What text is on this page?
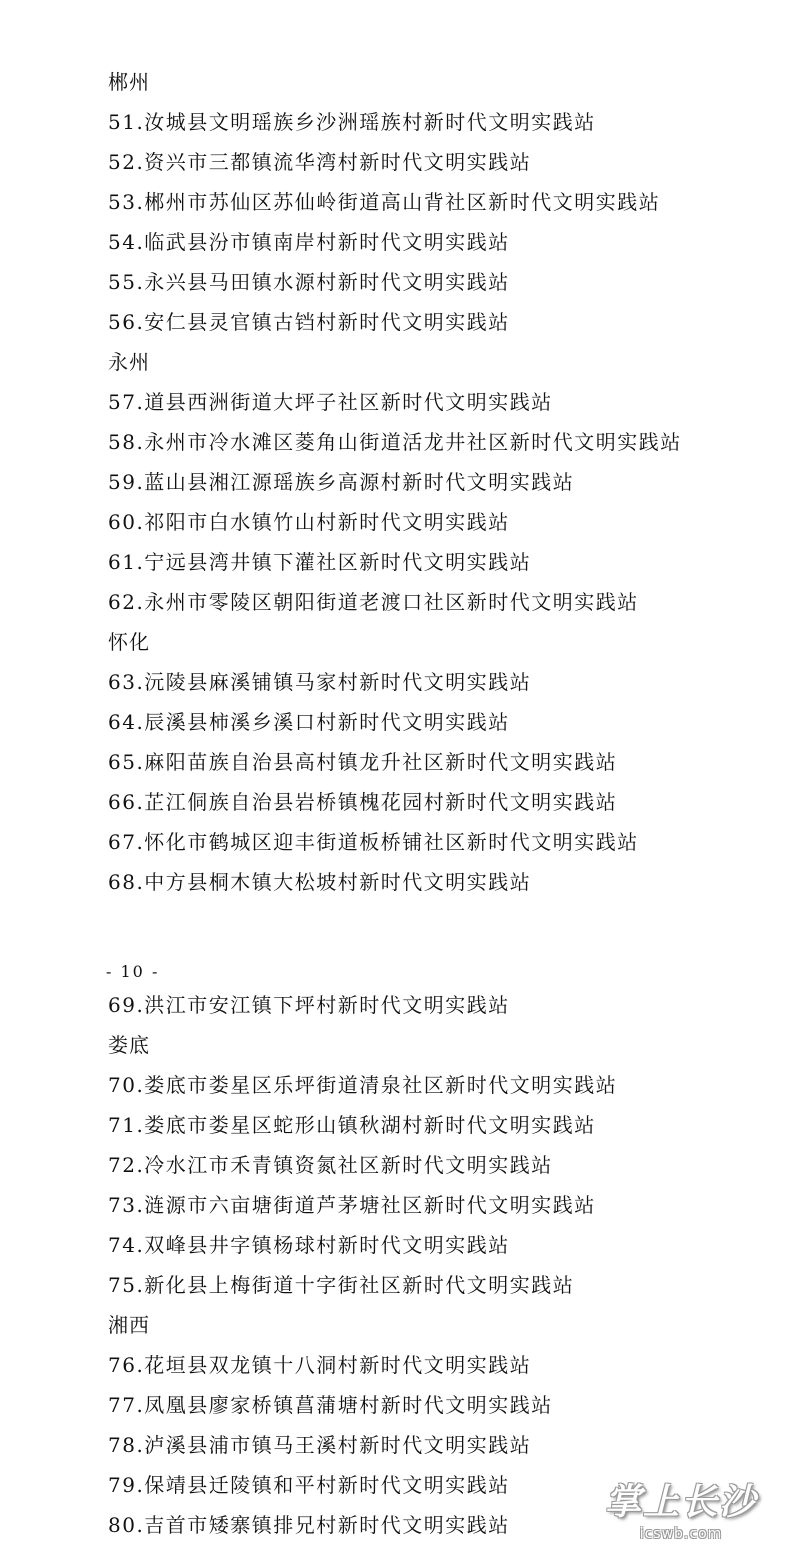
郴州
51.汝城县文明瑶族乡沙洲瑶族村新时代文明实践站
52.资兴市三都镇流华湾村新时代文明实践站
53.郴州市苏仙区苏仙岭街道高山背社区新时代文明实践站
54.临武县汾市镇南岸村新时代文明实践站
55.永兴县马田镇水源村新时代文明实践站
56.安仁县灵官镇古铛村新时代文明实践站
永州
57.道县西洲街道大坪子社区新时代文明实践站
58.永州市冷水滩区菱角山街道活龙井社区新时代文明实践站
59.蓝山县湘江源瑶族乡高源村新时代文明实践站
60.祁阳市白水镇竹山村新时代文明实践站
61.宁远县湾井镇下灌社区新时代文明实践站
62.永州市零陵区朝阳街道老渡口社区新时代文明实践站
怀化
63.沅陵县麻溪铺镇马家村新时代文明实践站
64.辰溪县柿溪乡溪口村新时代文明实践站
65.麻阳苗族自治县高村镇龙升社区新时代文明实践站
66.芷江侗族自治县岩桥镇槐花园村新时代文明实践站
67.怀化市鹤城区迎丰街道板桥铺社区新时代文明实践站
68.中方县桐木镇大松坡村新时代文明实践站
- 10 -
69.洪江市安江镇下坪村新时代文明实践站
娄底
70.娄底市娄星区乐坪街道清泉社区新时代文明实践站
71.娄底市娄星区蛇形山镇秋湖村新时代文明实践站
72.冷水江市禾青镇资氮社区新时代文明实践站
73.涟源市六亩塘街道芦茅塘社区新时代文明实践站
74.双峰县井字镇杨球村新时代文明实践站
75.新化县上梅街道十字街社区新时代文明实践站
湘西
76.花垣县双龙镇十八洞村新时代文明实践站
77.凤凰县廖家桥镇菖蒲塘村新时代文明实践站
78.泸溪县浦市镇马王溪村新时代文明实践站
79.保靖县迁陵镇和平村新时代文明实践站
80.吉首市矮寨镇排兄村新时代文明实践站
掌上长沙
icswb.com
